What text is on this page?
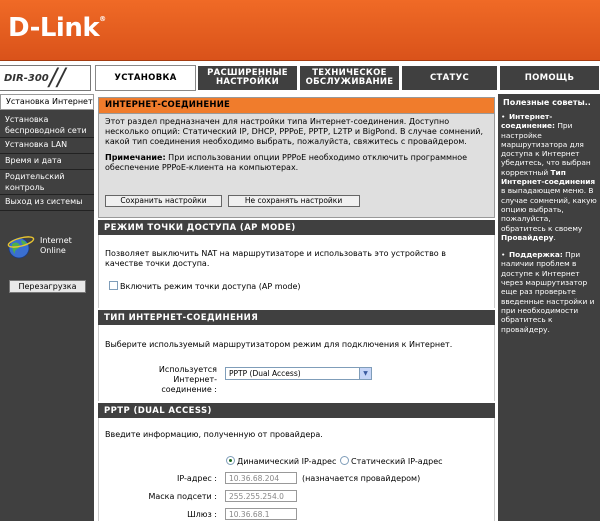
D-Link®
DIR-300 //	УСТАНОВКА	РАСШИРЕННЫЕ НАСТРОЙКИ
ТЕХНИЧЕСКОЕ ОБСЛУЖИВАНИЕ	СТАТУС	ПОМОЩЬ
Установка Интернет
Установка беспроводной сети
Установка LAN
Время и дата
Родительский контроль
Выход из системы
Internet Online
Перезагрузка
ИНТЕРНЕТ-СОЕДИНЕНИЕ

Этот раздел предназначен для настройки типа Интернет-соединения. Доступно несколько опций: Статический IP, DHCP, PPPoE, PPTP, L2TP и BigPond. В случае сомнений, какой тип соединения необходимо выбрать, пожалуйста, свяжитесь с провайдером.

Примечание: При использовании опции PPPoE необходимо отключить программное обеспечение PPPoE-клиента на компьютерах.

Сохранить настройки	Не сохранять настройки
РЕЖИМ ТОЧКИ ДОСТУПА (AP MODE)
Позволяет выключить NAT на маршрутизаторе и использовать это устройство в качестве точки доступа.
Включить режим точки доступа (AP mode)
ТИП ИНТЕРНЕТ-СОЕДИНЕНИЯ
Выберите используемый маршрутизатором режим для подключения к Интернет.
Используется Интернет-
соединение :
PPTP (Dual Access)	▼
PPTP (DUAL ACCESS)
Введите информацию, полученную от провайдера.
Динамический IP-адрес	Статический IP-адрес
IP-адрес :	10.36.68.204	(назначается провайдером)
Маска подсети :	255.255.254.0
Шлюз :	10.36.68.1
Полезные советы..
• Интернет-соединение: При настройке маршрутизатора для доступа к Интернет убедитесь, что выбран корректный Тип Интернет-соединения в выпадающем меню. В случае сомнений, какую опцию выбрать, пожалуйста, обратитесь к своему Провайдеру.
• Поддержка: При наличии проблем в доступе к Интернет через маршрутизатор еще раз проверьте введенные настройки и при необходимости обратитесь к провайдеру.
